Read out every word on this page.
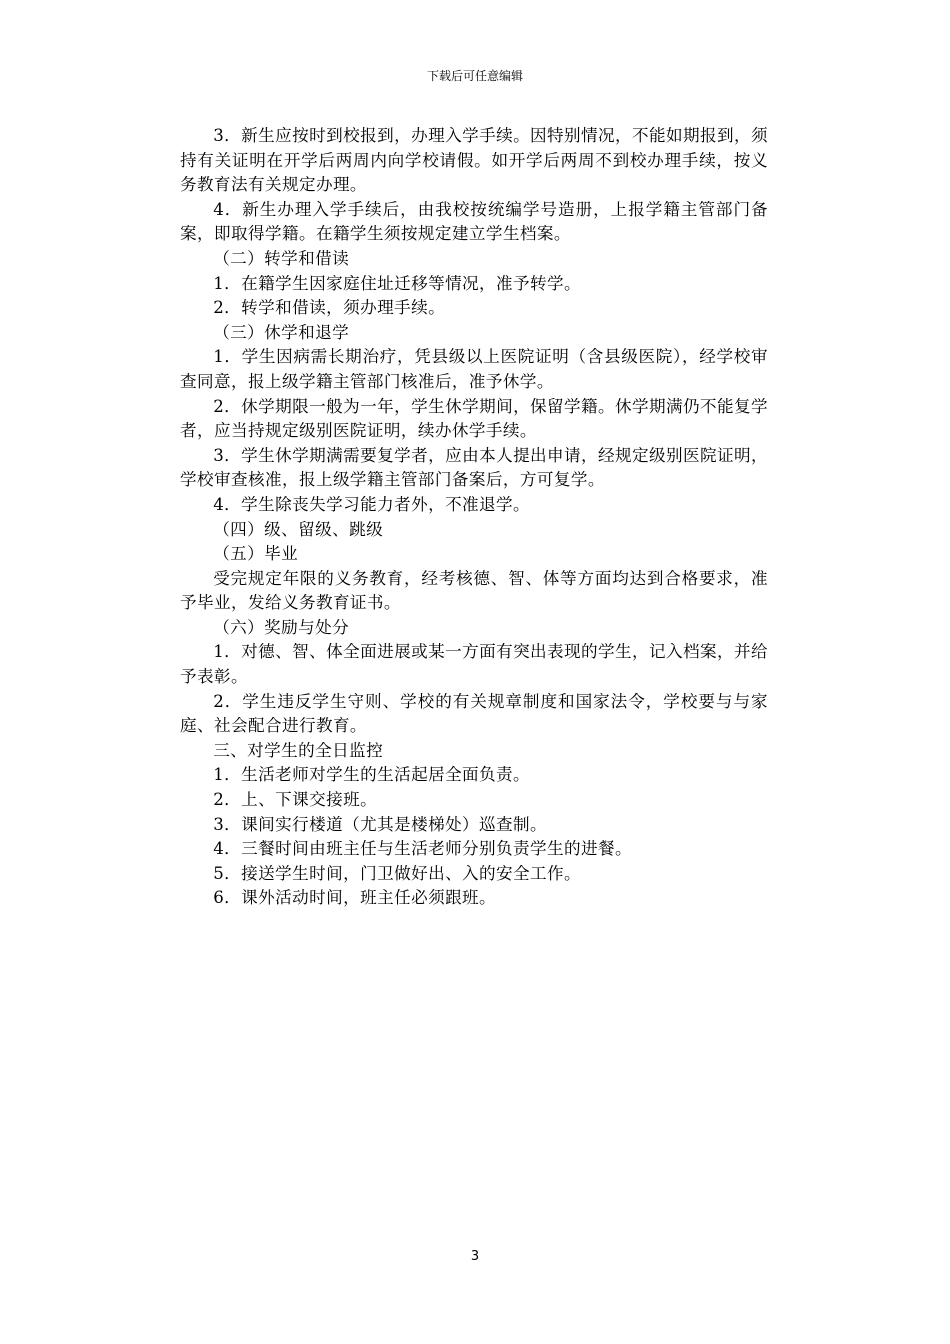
下载后可任意编辑

3．新生应按时到校报到，办理入学手续。因特别情况，不能如期报到，须持有关证明在开学后两周内向学校请假。如开学后两周不到校办理手续，按义务教育法有关规定办理。

4．新生办理入学手续后，由我校按统编学号造册，上报学籍主管部门备案，即取得学籍。在籍学生须按规定建立学生档案。

（二）转学和借读

1．在籍学生因家庭住址迁移等情况，准予转学。

2．转学和借读，须办理手续。

（三）休学和退学

1．学生因病需长期治疗，凭县级以上医院证明（含县级医院），经学校审查同意，报上级学籍主管部门核准后，准予休学。

2．休学期限一般为一年，学生休学期间，保留学籍。休学期满仍不能复学者，应当持规定级别医院证明，续办休学手续。

3．学生休学期满需要复学者，应由本人提出申请，经规定级别医院证明，学校审查核准，报上级学籍主管部门备案后，方可复学。

4．学生除丧失学习能力者外，不准退学。

（四）级、留级、跳级

（五）毕业

受完规定年限的义务教育，经考核德、智、体等方面均达到合格要求，准予毕业，发给义务教育证书。

（六）奖励与处分

1．对德、智、体全面进展或某一方面有突出表现的学生，记入档案，并给予表彰。

2．学生违反学生守则、学校的有关规章制度和国家法令，学校要与与家庭、社会配合进行教育。

三、对学生的全日监控

1．生活老师对学生的生活起居全面负责。

2．上、下课交接班。

3．课间实行楼道（尤其是楼梯处）巡查制。

4．三餐时间由班主任与生活老师分别负责学生的进餐。

5．接送学生时间，门卫做好出、入的安全工作。

6．课外活动时间，班主任必须跟班。

3
